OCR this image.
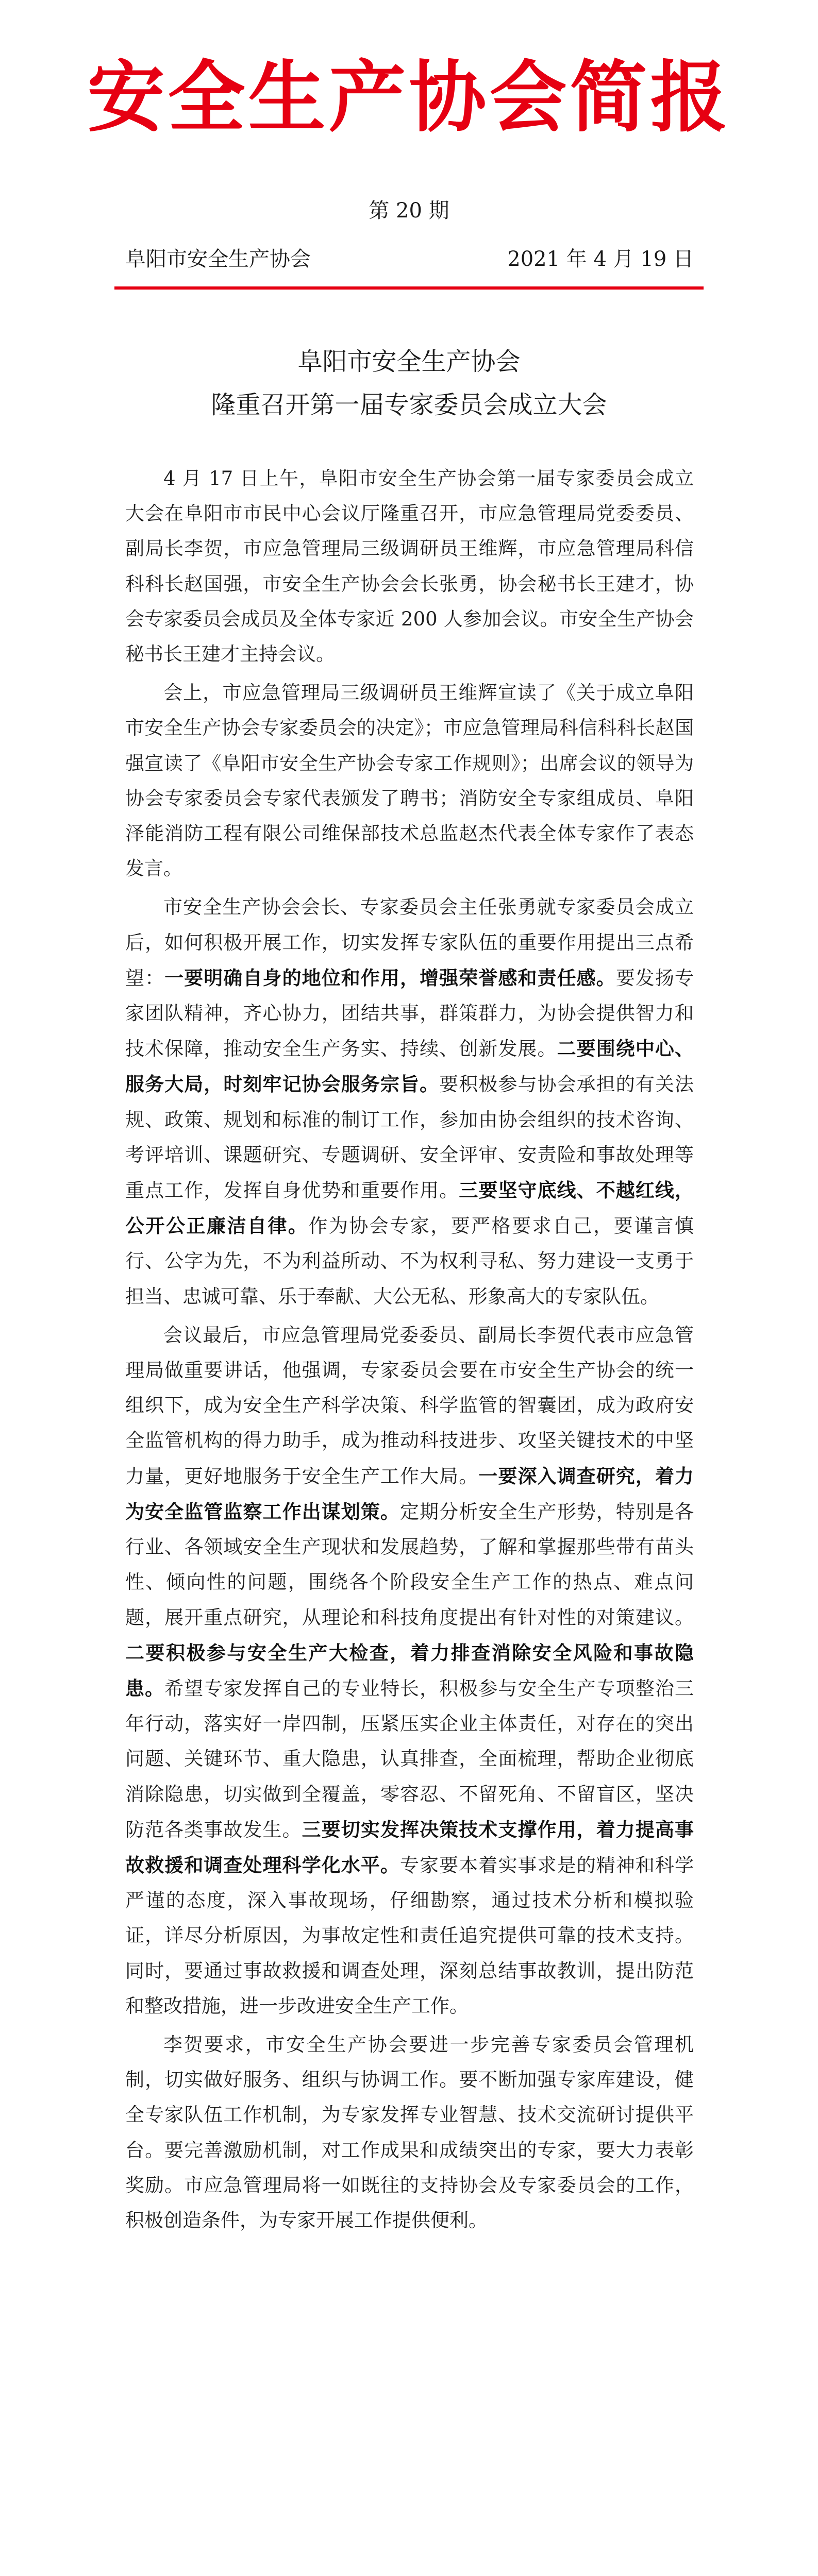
安全生产协会简报
第 20 期
阜阳市安全生产协会	2021 年 4 月 19 日
阜阳市安全生产协会
隆重召开第一届专家委员会成立大会

4 月 17 日上午，阜阳市安全生产协会第一届专家委员会成立大会在阜阳市市民中心会议厅隆重召开，市应急管理局党委委员、副局长李贺，市应急管理局三级调研员王维辉，市应急管理局科信科科长赵国强，市安全生产协会会长张勇，协会秘书长王建才，协会专家委员会成员及全体专家近 200 人参加会议。市安全生产协会秘书长王建才主持会议。

会上，市应急管理局三级调研员王维辉宣读了《关于成立阜阳市安全生产协会专家委员会的决定》；市应急管理局科信科科长赵国强宣读了《阜阳市安全生产协会专家工作规则》；出席会议的领导为协会专家委员会专家代表颁发了聘书；消防安全专家组成员、阜阳泽能消防工程有限公司维保部技术总监赵杰代表全体专家作了表态发言。

市安全生产协会会长、专家委员会主任张勇就专家委员会成立后，如何积极开展工作，切实发挥专家队伍的重要作用提出三点希望：一要明确自身的地位和作用，增强荣誉感和责任感。要发扬专家团队精神，齐心协力，团结共事，群策群力，为协会提供智力和技术保障，推动安全生产务实、持续、创新发展。二要围绕中心、服务大局，时刻牢记协会服务宗旨。要积极参与协会承担的有关法规、政策、规划和标准的制订工作，参加由协会组织的技术咨询、考评培训、课题研究、专题调研、安全评审、安责险和事故处理等重点工作，发挥自身优势和重要作用。三要坚守底线、不越红线，公开公正廉洁自律。作为协会专家，要严格要求自己，要谨言慎行、公字为先，不为利益所动、不为权利寻私、努力建设一支勇于担当、忠诚可靠、乐于奉献、大公无私、形象高大的专家队伍。

会议最后，市应急管理局党委委员、副局长李贺代表市应急管理局做重要讲话，他强调，专家委员会要在市安全生产协会的统一组织下，成为安全生产科学决策、科学监管的智囊团，成为政府安全监管机构的得力助手，成为推动科技进步、攻坚关键技术的中坚力量，更好地服务于安全生产工作大局。一要深入调查研究，着力为安全监管监察工作出谋划策。定期分析安全生产形势，特别是各行业、各领域安全生产现状和发展趋势，了解和掌握那些带有苗头性、倾向性的问题，围绕各个阶段安全生产工作的热点、难点问题，展开重点研究，从理论和科技角度提出有针对性的对策建议。二要积极参与安全生产大检查，着力排查消除安全风险和事故隐患。希望专家发挥自己的专业特长，积极参与安全生产专项整治三年行动，落实好一岸四制，压紧压实企业主体责任，对存在的突出问题、关键环节、重大隐患，认真排查，全面梳理，帮助企业彻底消除隐患，切实做到全覆盖，零容忍、不留死角、不留盲区，坚决防范各类事故发生。三要切实发挥决策技术支撑作用，着力提高事故救援和调查处理科学化水平。专家要本着实事求是的精神和科学严谨的态度，深入事故现场，仔细勘察，通过技术分析和模拟验证，详尽分析原因，为事故定性和责任追究提供可靠的技术支持。同时，要通过事故救援和调查处理，深刻总结事故教训，提出防范和整改措施，进一步改进安全生产工作。

李贺要求，市安全生产协会要进一步完善专家委员会管理机制，切实做好服务、组织与协调工作。要不断加强专家库建设，健全专家队伍工作机制，为专家发挥专业智慧、技术交流研讨提供平台。要完善激励机制，对工作成果和成绩突出的专家，要大力表彰奖励。市应急管理局将一如既往的支持协会及专家委员会的工作，积极创造条件，为专家开展工作提供便利。
